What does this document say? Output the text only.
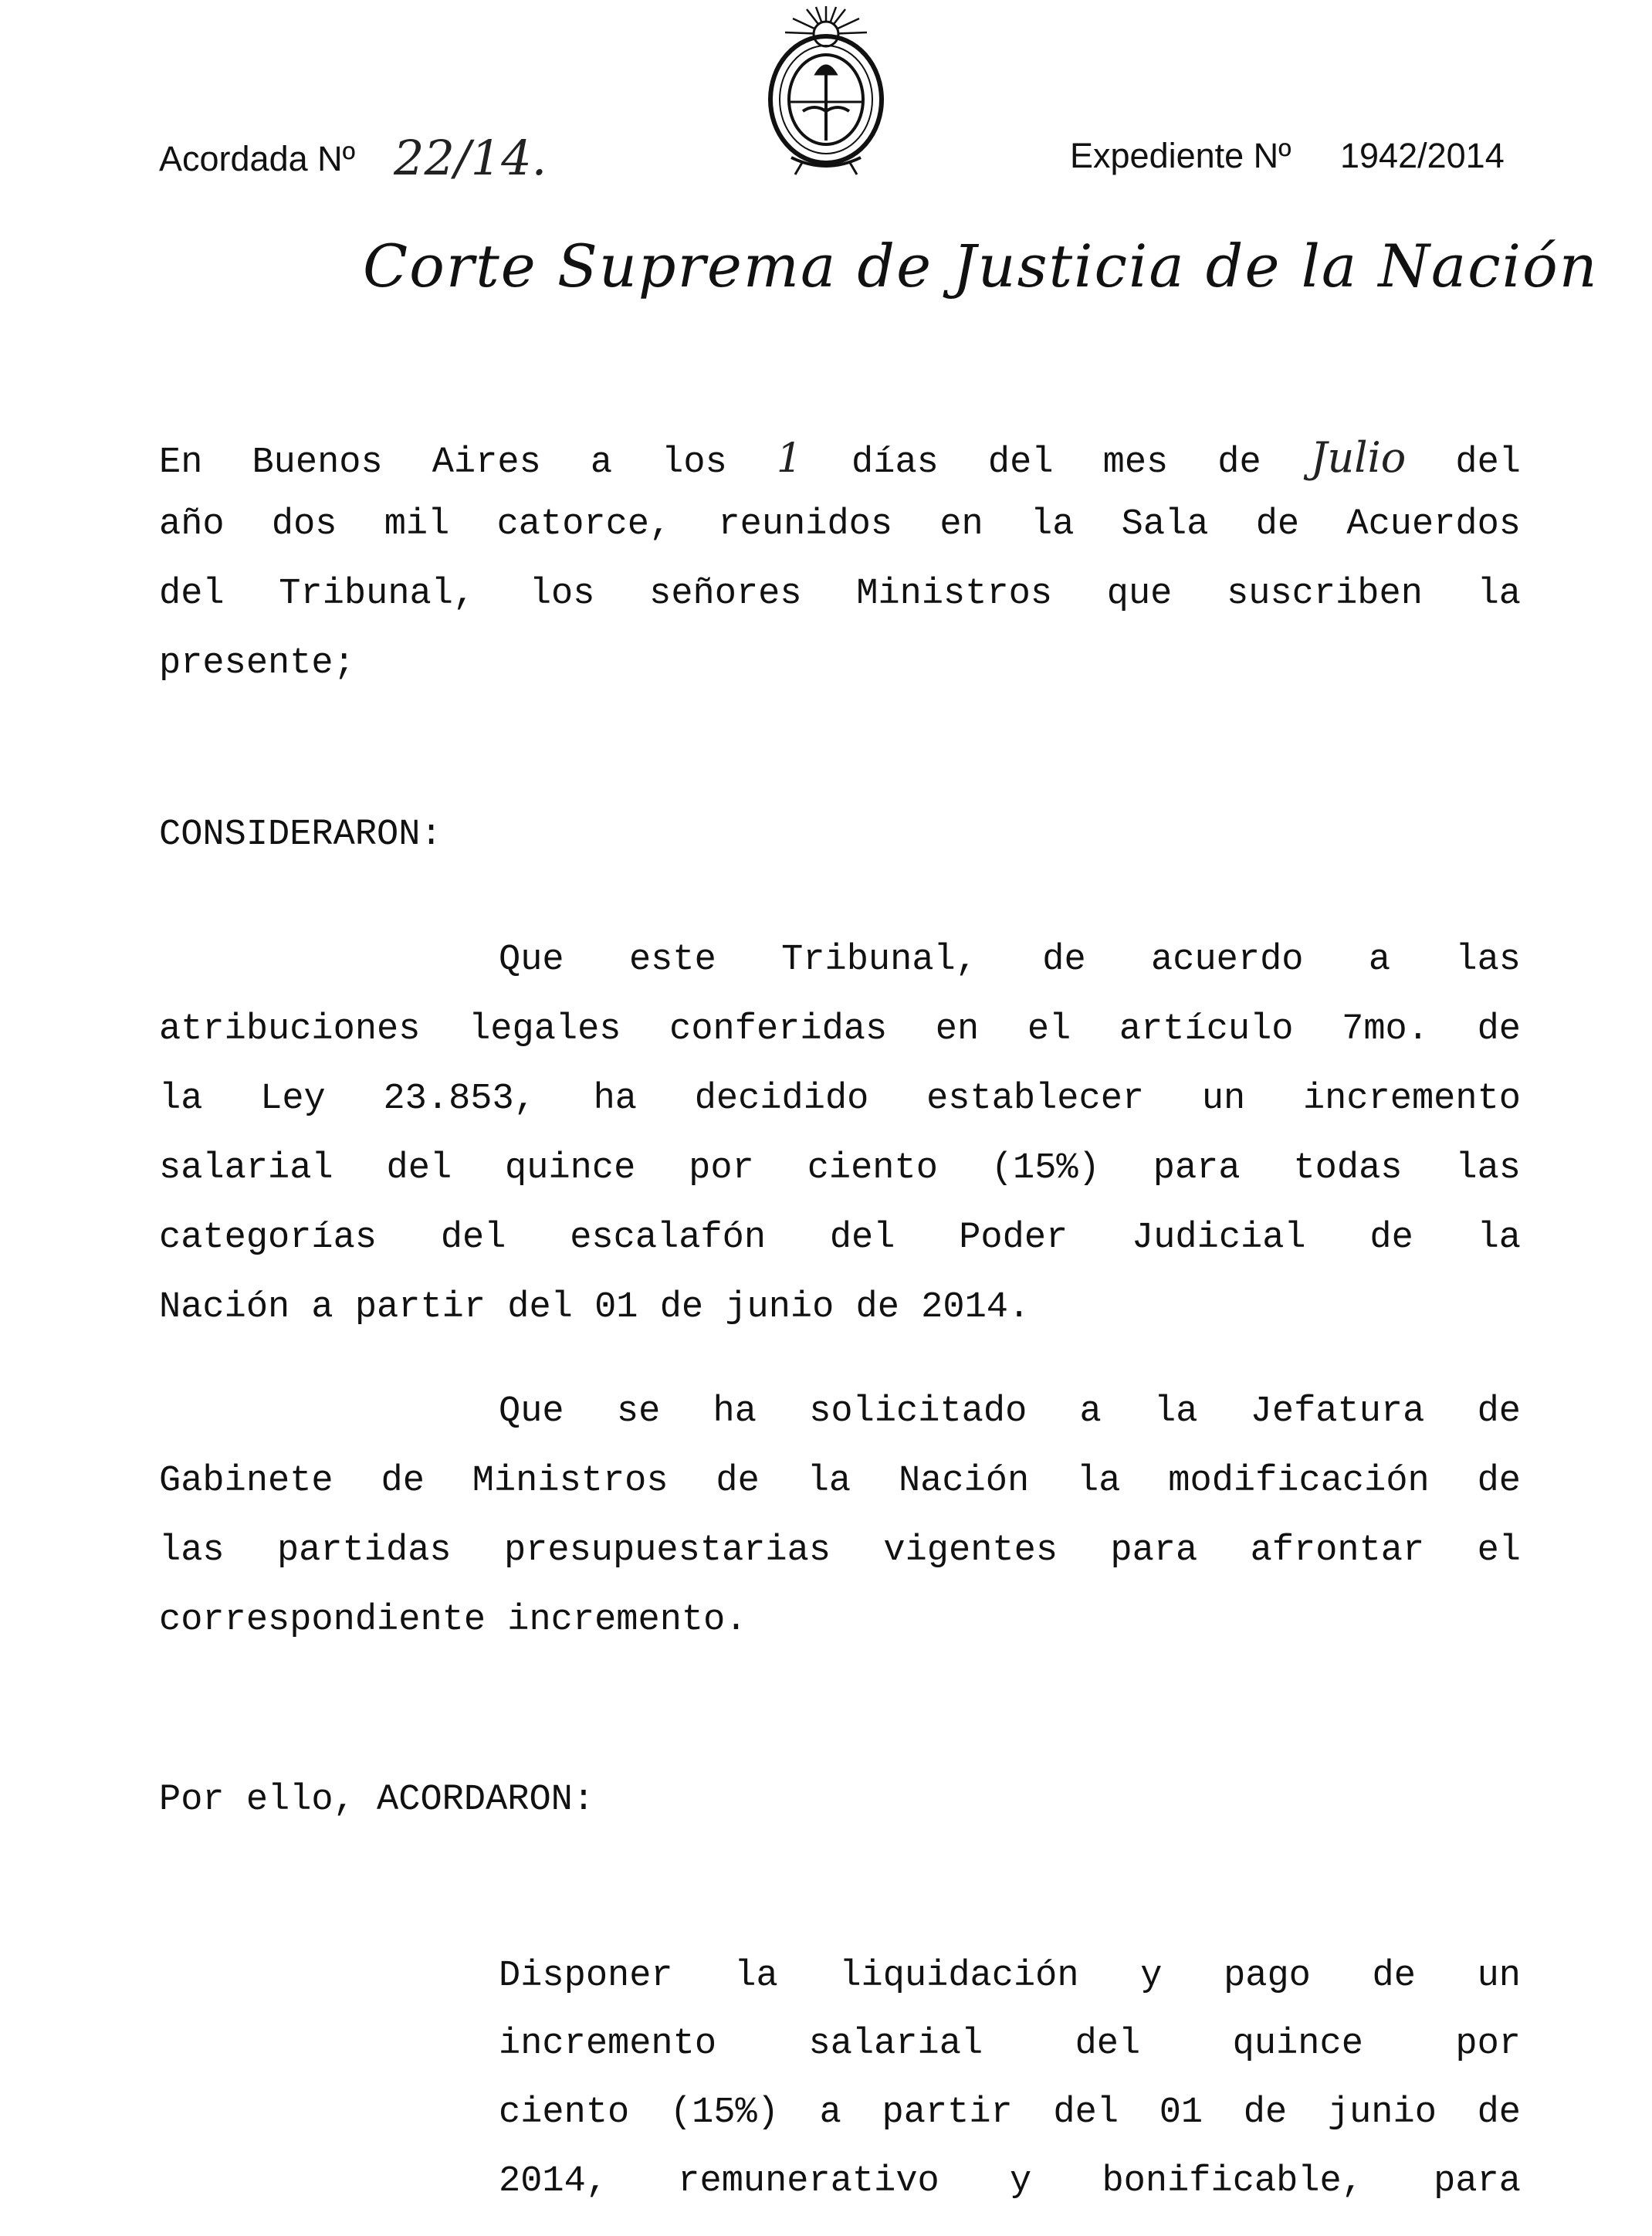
Acordada Nº 22/14.	Expediente Nº 1942/2014
Corte Suprema de Justicia de la Nación
En Buenos Aires a los 1 días del mes de Julio del
año dos mil catorce, reunidos en la Sala de Acuerdos
del Tribunal, los señores Ministros que suscriben la
presente;
CONSIDERARON:
Que este Tribunal, de acuerdo a las
atribuciones legales conferidas en el artículo 7mo. de
la Ley 23.853, ha decidido establecer un incremento
salarial del quince por ciento (15%) para todas las
categorías del escalafón del Poder Judicial de la
Nación a partir del 01 de junio de 2014.
Que se ha solicitado a la Jefatura de
Gabinete de Ministros de la Nación la modificación de
las partidas presupuestarias vigentes para afrontar el
correspondiente incremento.
Por ello, ACORDARON:
Disponer la liquidación y pago de un
incremento salarial del quince por
ciento (15%) a partir del 01 de junio de
2014, remunerativo y bonificable, para
